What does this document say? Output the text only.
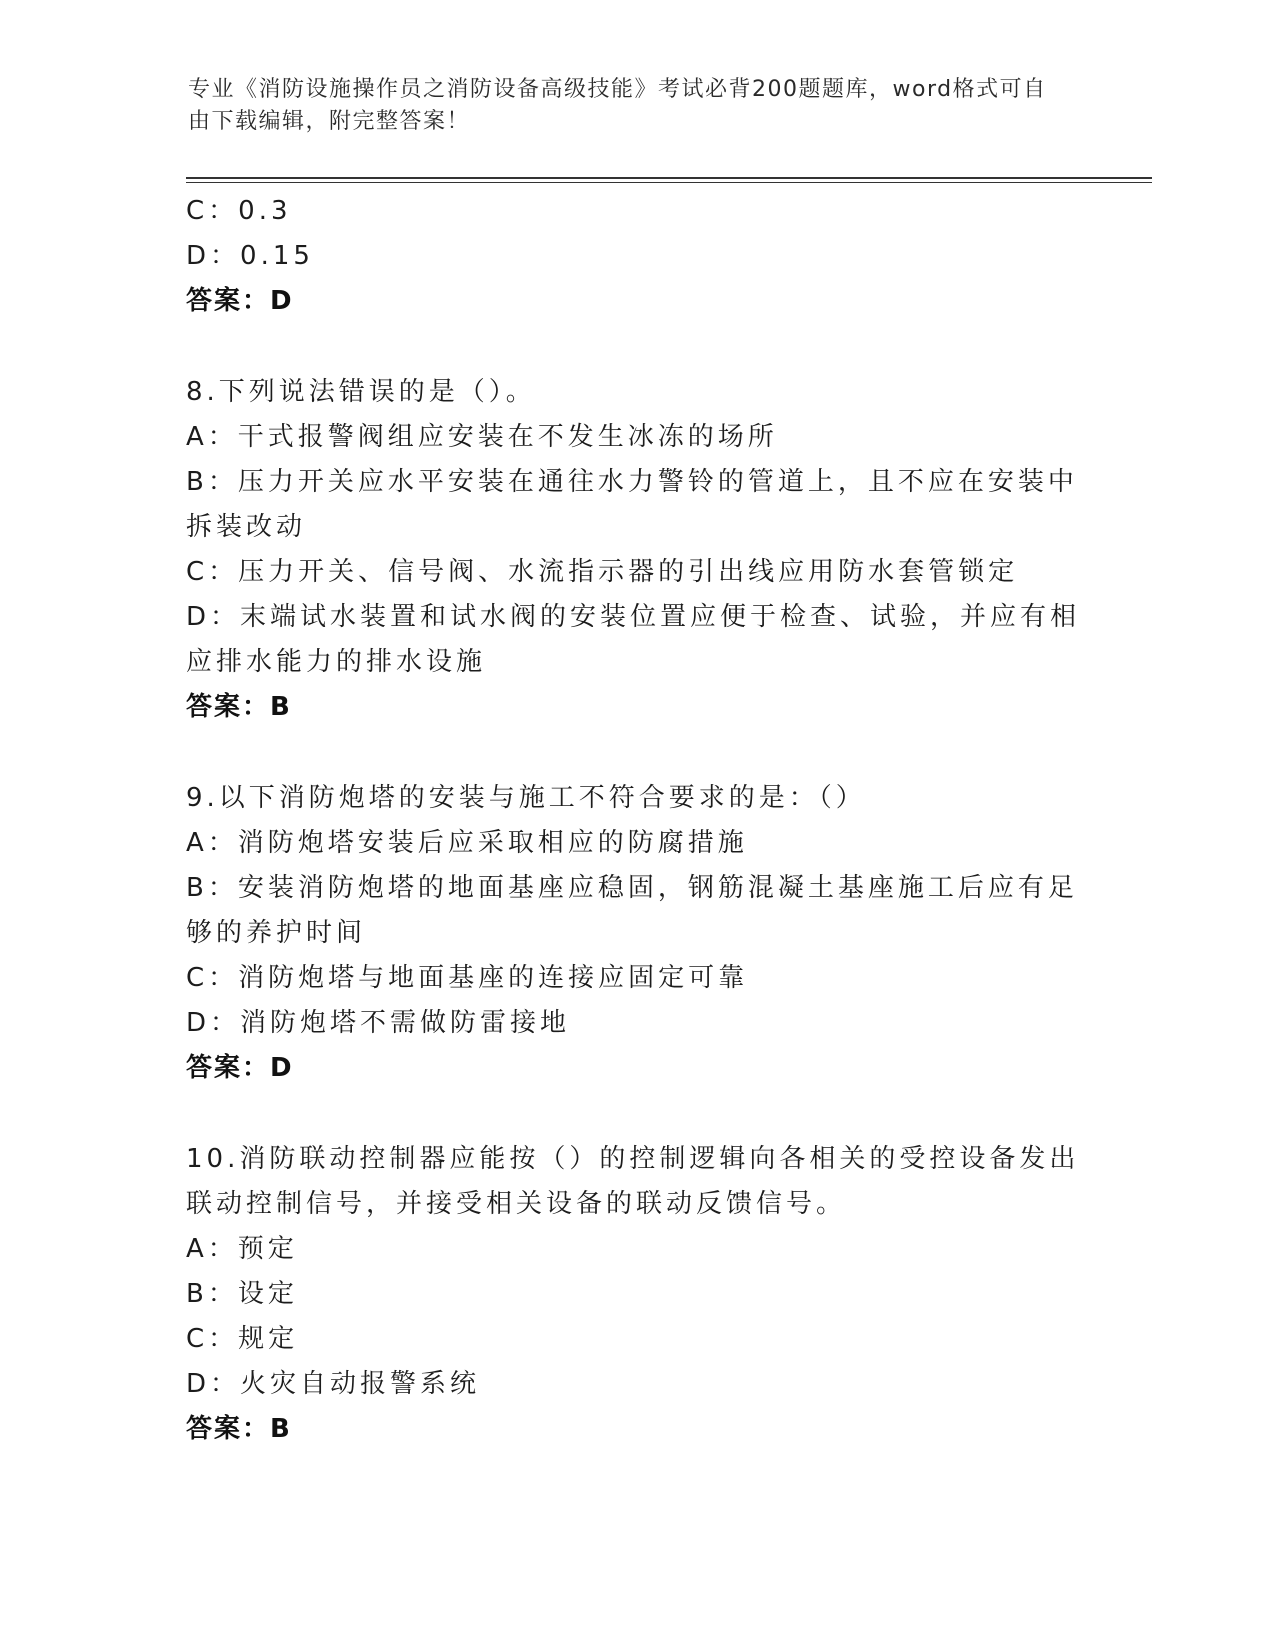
专业《消防设施操作员之消防设备高级技能》考试必背200题题库，word格式可自由下载编辑，附完整答案！
C：0.3
D：0.15
答案：D
8.下列说法错误的是（）。
A：干式报警阀组应安装在不发生冰冻的场所
B：压力开关应水平安装在通往水力警铃的管道上，且不应在安装中拆装改动
C：压力开关、信号阀、水流指示器的引出线应用防水套管锁定
D：末端试水装置和试水阀的安装位置应便于检查、试验，并应有相应排水能力的排水设施
答案：B
9.以下消防炮塔的安装与施工不符合要求的是：（）
A：消防炮塔安装后应采取相应的防腐措施
B：安装消防炮塔的地面基座应稳固，钢筋混凝土基座施工后应有足够的养护时间
C：消防炮塔与地面基座的连接应固定可靠
D：消防炮塔不需做防雷接地
答案：D
10.消防联动控制器应能按（）的控制逻辑向各相关的受控设备发出联动控制信号，并接受相关设备的联动反馈信号。
A：预定
B：设定
C：规定
D：火灾自动报警系统
答案：B
